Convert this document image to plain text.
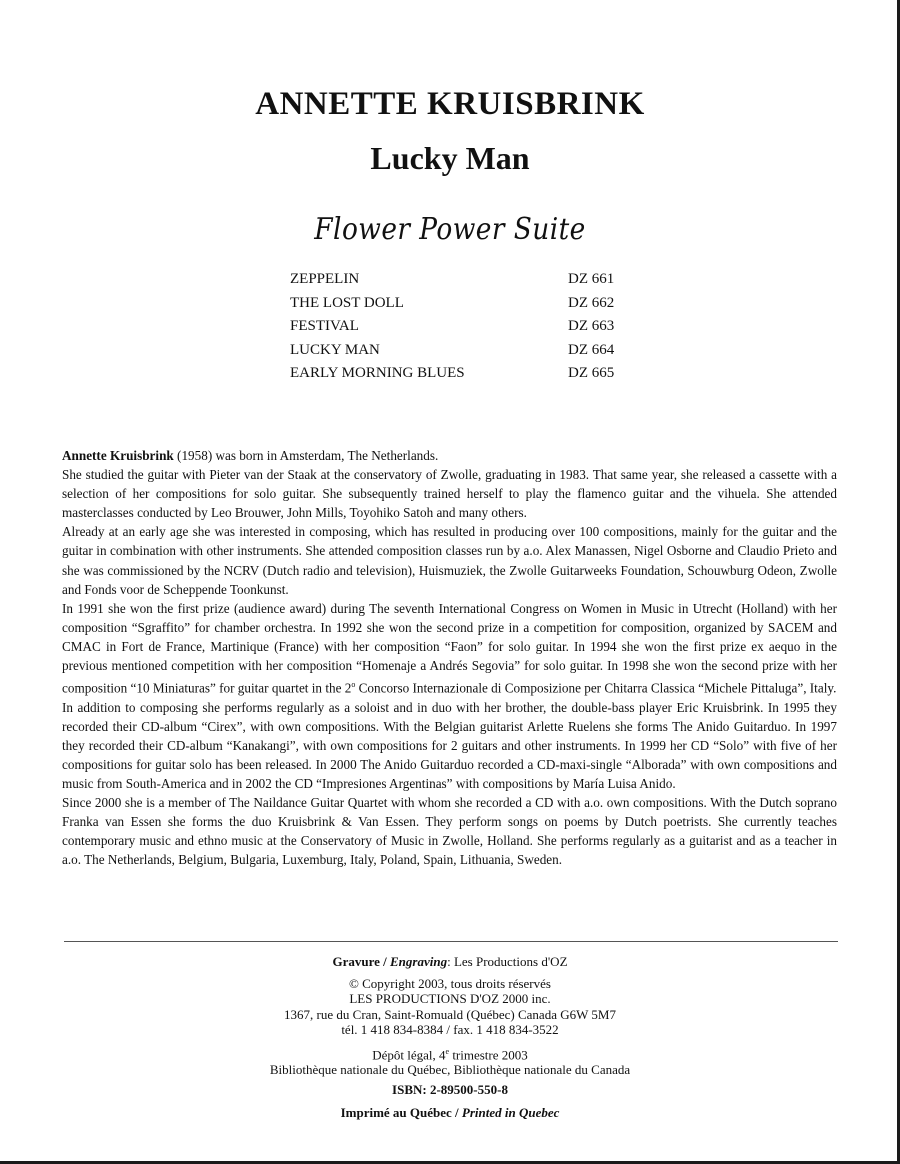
ANNETTE KRUISBRINK
Lucky Man
Flower Power Suite
ZEPPELIN	DZ 661
THE LOST DOLL	DZ 662
FESTIVAL	DZ 663
LUCKY MAN	DZ 664
EARLY MORNING BLUES	DZ 665

Annette Kruisbrink (1958) was born in Amsterdam, The Netherlands.

She studied the guitar with Pieter van der Staak at the conservatory of Zwolle, graduating in 1983. That same year, she released a cassette with a selection of her compositions for solo guitar. She subsequently trained herself to play the flamenco guitar and the vihuela. She attended masterclasses conducted by Leo Brouwer, John Mills, Toyohiko Satoh and many others.

Already at an early age she was interested in composing, which has resulted in producing over 100 compositions, mainly for the guitar and the guitar in combination with other instruments. She attended composition classes run by a.o. Alex Manassen, Nigel Osborne and Claudio Prieto and she was commissioned by the NCRV (Dutch radio and television), Huismuziek, the Zwolle Guitarweeks Foundation, Schouwburg Odeon, Zwolle and Fonds voor de Scheppende Toonkunst.

In 1991 she won the first prize (audience award) during The seventh International Congress on Women in Music in Utrecht (Holland) with her composition “Sgraffito” for chamber orchestra. In 1992 she won the second prize in a competition for composition, organized by SACEM and CMAC in Fort de France, Martinique (France) with her composition “Faon” for solo guitar. In 1994 she won the first prize ex aequo in the previous mentioned competition with her composition “Homenaje a Andrés Segovia” for solo guitar. In 1998 she won the second prize with her composition “10 Miniaturas” for guitar quartet in the 2$^o$ Concorso Internazionale di Composizione per Chitarra Classica “Michele Pittaluga”, Italy.

In addition to composing she performs regularly as a soloist and in duo with her brother, the double-bass player Eric Kruisbrink. In 1995 they recorded their CD-album “Cirex”, with own compositions. With the Belgian guitarist Arlette Ruelens she forms The Anido Guitarduo. In 1997 they recorded their CD-album “Kanakangi”, with own compositions for 2 guitars and other instruments. In 1999 her CD “Solo” with five of her compositions for guitar solo has been released. In 2000 The Anido Guitarduo recorded a CD-maxi-single “Alborada” with own compositions and music from South-America and in 2002 the CD “Impresiones Argentinas” with compositions by María Luisa Anido.

Since 2000 she is a member of The Naildance Guitar Quartet with whom she recorded a CD with a.o. own compositions. With the Dutch soprano Franka van Essen she forms the duo Kruisbrink & Van Essen. They perform songs on poems by Dutch poetrists. She currently teaches contemporary music and ethno music at the Conservatory of Music in Zwolle, Holland. She performs regularly as a guitarist and as a teacher in a.o. The Netherlands, Belgium, Bulgaria, Luxemburg, Italy, Poland, Spain, Lithuania, Sweden.

Gravure / Engraving: Les Productions d'OZ
© Copyright 2003, tous droits réservés
LES PRODUCTIONS D'OZ 2000 inc.
1367, rue du Cran, Saint-Romuald (Québec) Canada G6W 5M7
tél. 1 418 834-8384 / fax. 1 418 834-3522
Dépôt légal, 4e trimestre 2003
Bibliothèque nationale du Québec, Bibliothèque nationale du Canada
ISBN: 2-89500-550-8
Imprimé au Québec / Printed in Quebec
